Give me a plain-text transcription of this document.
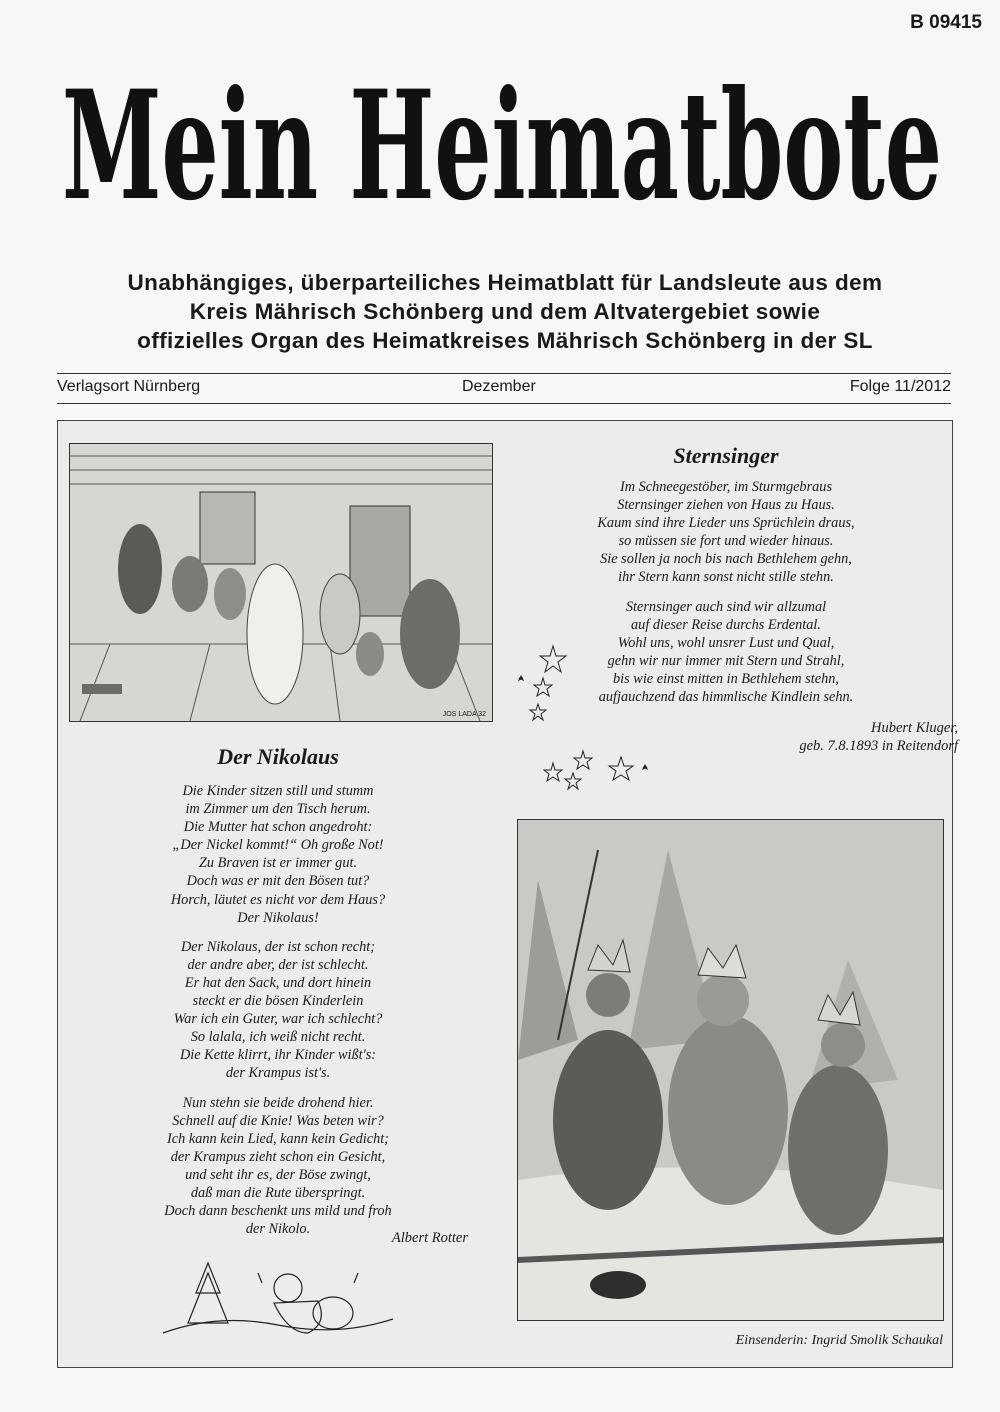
B 09415
Mein Heimatbote
Unabhängiges, überparteiliches Heimatblatt für Landsleute aus dem
Kreis Mährisch Schönberg und dem Altvatergebiet sowie
offizielles Organ des Heimatkreises Mährisch Schönberg in der SL
Verlagsort Nürnberg	Dezember	Folge 11/2012
JOS LADA 32
Sternsinger
Im Schneegestöber, im Sturmgebraus
Sternsinger ziehen von Haus zu Haus.
Kaum sind ihre Lieder uns Sprüchlein draus,
so müssen sie fort und wieder hinaus.
Sie sollen ja noch bis nach Bethlehem gehn,
ihr Stern kann sonst nicht stille stehn.
Sternsinger auch sind wir allzumal
auf dieser Reise durchs Erdental.
Wohl uns, wohl unsrer Lust und Qual,
gehn wir nur immer mit Stern und Strahl,
bis wie einst mitten in Bethlehem stehn,
aufjauchzend das himmlische Kindlein sehn.
Hubert Kluger,
geb. 7.8.1893 in Reitendorf
Der Nikolaus
Die Kinder sitzen still und stumm
im Zimmer um den Tisch herum.
Die Mutter hat schon angedroht:
„Der Nickel kommt!“ Oh große Not!
Zu Braven ist er immer gut.
Doch was er mit den Bösen tut?
Horch, läutet es nicht vor dem Haus?
Der Nikolaus!
Der Nikolaus, der ist schon recht;
der andre aber, der ist schlecht.
Er hat den Sack, und dort hinein
steckt er die bösen Kinderlein
War ich ein Guter, war ich schlecht?
So lalala, ich weiß nicht recht.
Die Kette klirrt, ihr Kinder wißt's:
der Krampus ist's.
Nun stehn sie beide drohend hier.
Schnell auf die Knie! Was beten wir?
Ich kann kein Lied, kann kein Gedicht;
der Krampus zieht schon ein Gesicht,
und seht ihr es, der Böse zwingt,
daß man die Rute überspringt.
Doch dann beschenkt uns mild und froh
der Nikolo.
Albert Rotter
Einsenderin: Ingrid Smolik Schaukal
